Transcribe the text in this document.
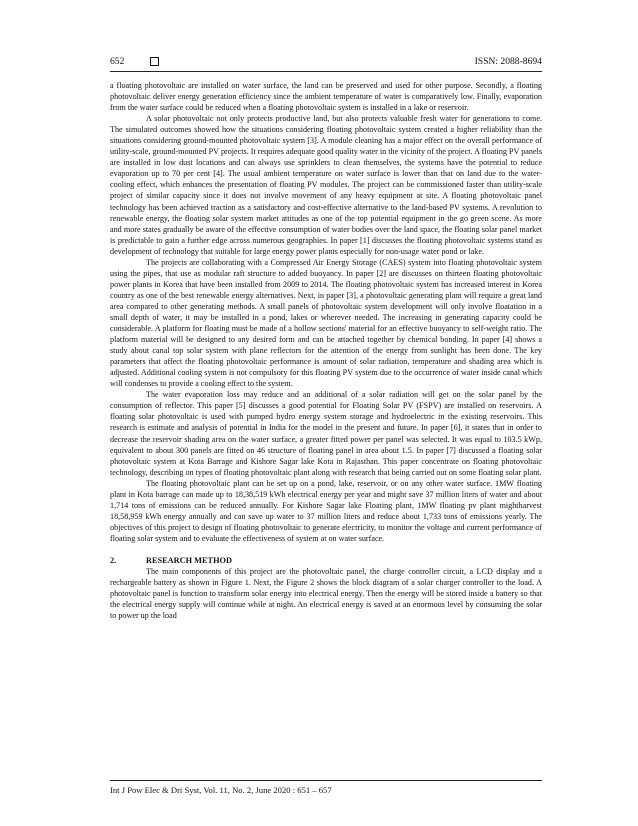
652	ISSN: 2088-8694

a floating photovoltaic are installed on water surface, the land can be preserved and used for other purpose. Secondly, a floating photovoltaic deliver energy generation efficiency since the ambient temperature of water is comparatively low. Finally, evaporation from the water surface could be reduced when a floating photovoltaic system is installed in a lake or reservoir.

A solar photovoltaic not only protects productive land, but also protects valuable fresh water for generations to come. The simulated outcomes showed how the situations considering floating photovoltaic system created a higher reliability than the situations considering ground-mounted photovoltaic system [3]. A module cleaning has a major effect on the overall performance of utility-scale, ground-mounted PV projects. It requires adequate good quality water in the vicinity of the project. A floating PV panels are installed in low dust locations and can always use sprinklers to clean themselves, the systems have the potential to reduce evaporation up to 70 per cent [4]. The usual ambient temperature on water surface is lower than that on land due to the water-cooling effect, which enhances the presentation of floating PV modules. The project can be commissioned faster than utility-scale project of similar capacity since it does not involve movement of any heavy equipment at site. A floating photovoltaic panel technology has been achieved traction as a satisfactory and cost-effective alternative to the land-based PV systems. A revolution to renewable energy, the floating solar system market attitudes as one of the top potential equipment in the go green scene. As more and more states gradually be aware of the effective consumption of water bodies over the land space, the floating solar panel market is predictable to gain a further edge across numerous geographies. In paper [1] discusses the floating photovoltaic systems stand as development of technology that suitable for large energy power plants especially for non-usage water pond or lake.

The projects are collaborating with a Compressed Air Energy Storage (CAES) system into floating photovoltaic system using the pipes, that use as modular raft structure to added buoyancy. In paper [2] are discusses on thirteen floating photovoltaic power plants in Korea that have been installed from 2009 to 2014. The floating photovoltaic system has increased interest in Korea country as one of the best renewable energy alternatives. Next, in paper [3], a photovoltaic generating plant will require a great land area compared to other generating methods. A small panels of photovoltaic system development will only involve floatation in a small depth of water, it may be installed in a pond, lakes or wherever needed. The increasing in generating capacity could be considerable. A platform for floating must be made of a hollow sections' material for an effective buoyancy to self-weight ratio. The platform material will be designed to any desired form and can be attached together by chemical bonding. In paper [4] shows a study about canal top solar system with plane reflectors for the attention of the energy from sunlight has been done. The key parameters that affect the floating photovoltaic performance is amount of solar radiation, temperature and shading area which is adjusted. Additional cooling system is not compulsory for this floating PV system due to the occurrence of water inside canal which will condenses to provide a cooling effect to the system.

The water evaporation loss may reduce and an additional of a solar radiation will get on the solar panel by the consumption of reflector. This paper [5] discusses a good potential for Floating Solar PV (FSPV) are installed on reservoirs. A floating solar photovoltaic is used with pumped hydro energy system storage and hydroelectric in the existing reservoirs. This research is estimate and analysis of potential in India for the model in the present and future. In paper [6], it states that in order to decrease the reservoir shading area on the water surface, a greater fitted power per panel was selected. It was equal to 103.5 kWp, equivalent to about 300 panels are fitted on 46 structure of floating panel in area about 1.5. In paper [7] discussed a floating solar photovoltaic system at Kota Barrage and Kishore Sagar lake Kota in Rajasthan. This paper concentrate on floating photovoltaic technology, describing on types of floating photovoltaic plant along with research that being carried out on some floating solar plant.

The floating photovoltaic plant can be set up on a pond, lake, reservoir, or on any other water surface. 1MW floating plant in Kota barrage can made up to 18,38,519 kWh electrical energy per year and might save 37 million liters of water and about 1,714 tons of emissions can be reduced annually. For Kishore Sagar lake Floating plant, 1MW floating pv plant mightharvest 18,58,959 kWh energy annually and can save up water to 37 million liters and reduce about 1,733 tons of emissions yearly. The objectives of this project to design of floating photovoltaic to generate electricity, to monitor the voltage and current performance of floating solar system and to evaluate the effectiveness of system at on water surface.

2.	RESEARCH METHOD

The main components of this project are the photovoltaic panel, the charge controller circuit, a LCD display and a rechargeable battery as shown in Figure 1. Next, the Figure 2 shows the block diagram of a solar charger controller to the load. A photovoltaic panel is function to transform solar energy into electrical energy. Then the energy will be stored inside a battery so that the electrical energy supply will continue while at night. An electrical energy is saved at an enormous level by consuming the solar to power up the load

Int J Pow Elec & Dri Syst, Vol. 11, No. 2, June 2020 : 651 – 657
